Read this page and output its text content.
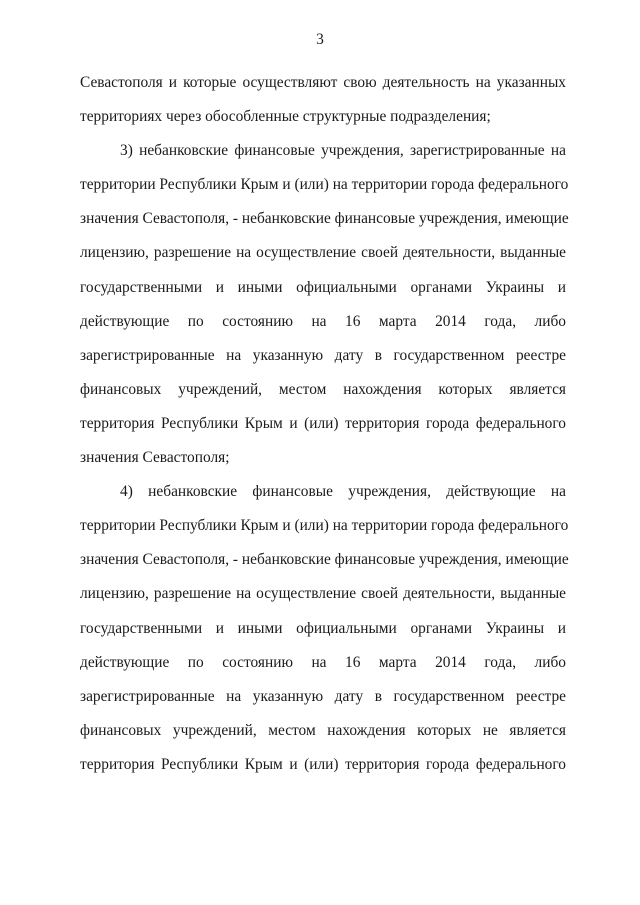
3
Севастополя и которые осуществляют свою деятельность на указанных
территориях через обособленные структурные подразделения;
3) небанковские финансовые учреждения, зарегистрированные на
территории Республики Крым и (или) на территории города федерального
значения Севастополя, - небанковские финансовые учреждения, имеющие
лицензию, разрешение на осуществление своей деятельности, выданные
государственными и иными официальными органами Украины и
действующие по состоянию на 16 марта 2014 года, либо
зарегистрированные на указанную дату в государственном реестре
финансовых учреждений, местом нахождения которых является
территория Республики Крым и (или) территория города федерального
значения Севастополя;
4) небанковские финансовые учреждения, действующие на
территории Республики Крым и (или) на территории города федерального
значения Севастополя, - небанковские финансовые учреждения, имеющие
лицензию, разрешение на осуществление своей деятельности, выданные
государственными и иными официальными органами Украины и
действующие по состоянию на 16 марта 2014 года, либо
зарегистрированные на указанную дату в государственном реестре
финансовых учреждений, местом нахождения которых не является
территория Республики Крым и (или) территория города федерального
